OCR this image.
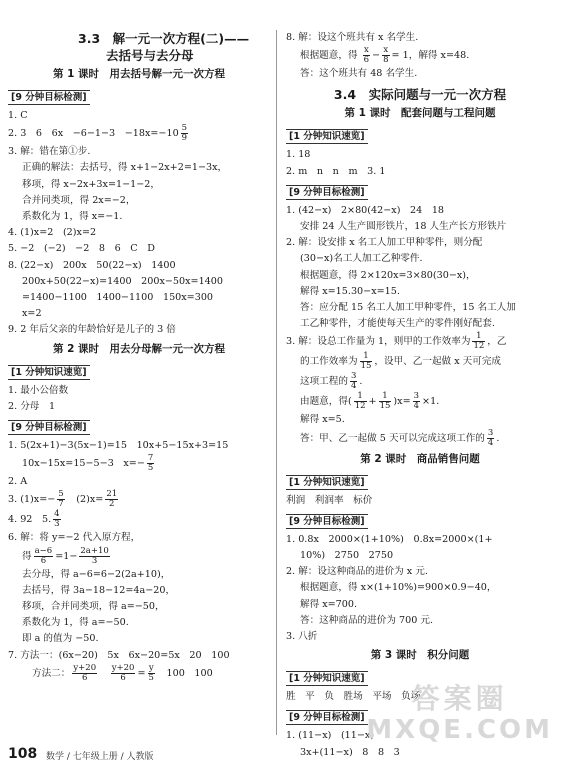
3.3　解一元一次方程(二)——
去括号与去分母
第 1 课时　用去括号解一元一次方程
[9 分钟目标检测]
1. C
2. 3　6　6x　−6−1−3　$-18x=-10 \frac{5}{9}$
3. 解：错在第①步.
正确的解法：去括号，得 x+1−2x+2=1−3x，
移项，得 x−2x+3x=1−1−2，
合并同类项，得 2x=−2，
系数化为 1，得 x=−1.
4. (1)x=2　(2)x=2
5. −2　(−2)　−2　8　6　C　D
8. (22−x)　200x　50(22−x)　1400
200x+50(22−x)=1400　200x−50x=1400
=1400−1100　1400−1100　150x=300
x=2
9. 2 年后父亲的年龄恰好是儿子的 3 倍
第 2 课时　用去分母解一元一次方程
[1 分钟知识速览]
1. 最小公倍数
2. 分母　1
[9 分钟目标检测]
1. 5(2x+1)−3(5x−1)=15　10x+5−15x+3=15
10x−15x=15−5−3　$x=- \frac{7}{5}$
2. A
3. $(1)x=- \frac{5}{7}$ 　$(2)x= \frac{21}{2}$
4. 92　5. $\frac{4}{3}$
6. 解：将 y=−2 代入原方程，
得 $\frac{a-6}{6} =1- \frac{2a+10}{3}$
去分母，得 a−6=6−2(2a+10)，
去括号，得 3a−18−12=4a−20，
移项，合并同类项，得 a=−50，
系数化为 1，得 a=−50.
即 a 的值为 −50.
7. 方法一：(6x−20)　5x　6x−20=5x　20　100
方法二： $\frac{y+20}{6}$
　 $\frac{y+20}{6} = \frac{y}{5}$
　 100　100
8. 解：设这个班共有 x 名学生.
根据题意，得 $\frac{x}{6} - \frac{x}{8} = 1$，解得 x=48.
答：这个班共有 48 名学生.
3.4　实际问题与一元一次方程
第 1 课时　配套问题与工程问题
[1 分钟知识速览]
1. 18
2. m　n　n　m　3. 1
[9 分钟目标检测]
1. (42−x)　2×80(42−x)　24　18
安排 24 人生产圆形铁片，18 人生产长方形铁片
2. 解：设安排 x 名工人加工甲种零件，则分配
(30−x)名工人加工乙种零件.
根据题意，得 2×120x=3×80(30−x)，
解得 x=15.30−x=15.
答：应分配 15 名工人加工甲种零件，15 名工人加
工乙种零件，才能使每天生产的零件刚好配套.
3. 解：设总工作量为 1，则甲的工作效率为 $\frac{1}{12}$ ，乙
的工作效率为 $\frac{1}{15}$ ，设甲、乙一起做 x 天可完成
这项工程的 $\frac{3}{4}$ .
由题意，得( $\frac{1}{12} + \frac{1}{15} )x= \frac{3}{4} \times 1$.
解得 x=5.
答：甲、乙一起做 5 天可以完成这项工作的 $\frac{3}{4}$ .
第 2 课时　商品销售问题
[1 分钟知识速览]
利润　利润率　标价
[9 分钟目标检测]
1. 0.8x　2000×(1+10%)　0.8x=2000×(1+
10%)　2750　2750
2. 解：设这种商品的进价为 x 元.
根据题意，得 x×(1+10%)=900×0.9−40，
解得 x=700.
答：这种商品的进价为 700 元.
3. 八折
第 3 课时　积分问题
[1 分钟知识速览]
胜　平　负　胜场　平场　负场
[9 分钟目标检测]
1. (11−x)　(11−x)
3x+(11−x)　8　8　3
答案圈
MXQE.COM
108 数学 / 七年级上册 / 人教版
